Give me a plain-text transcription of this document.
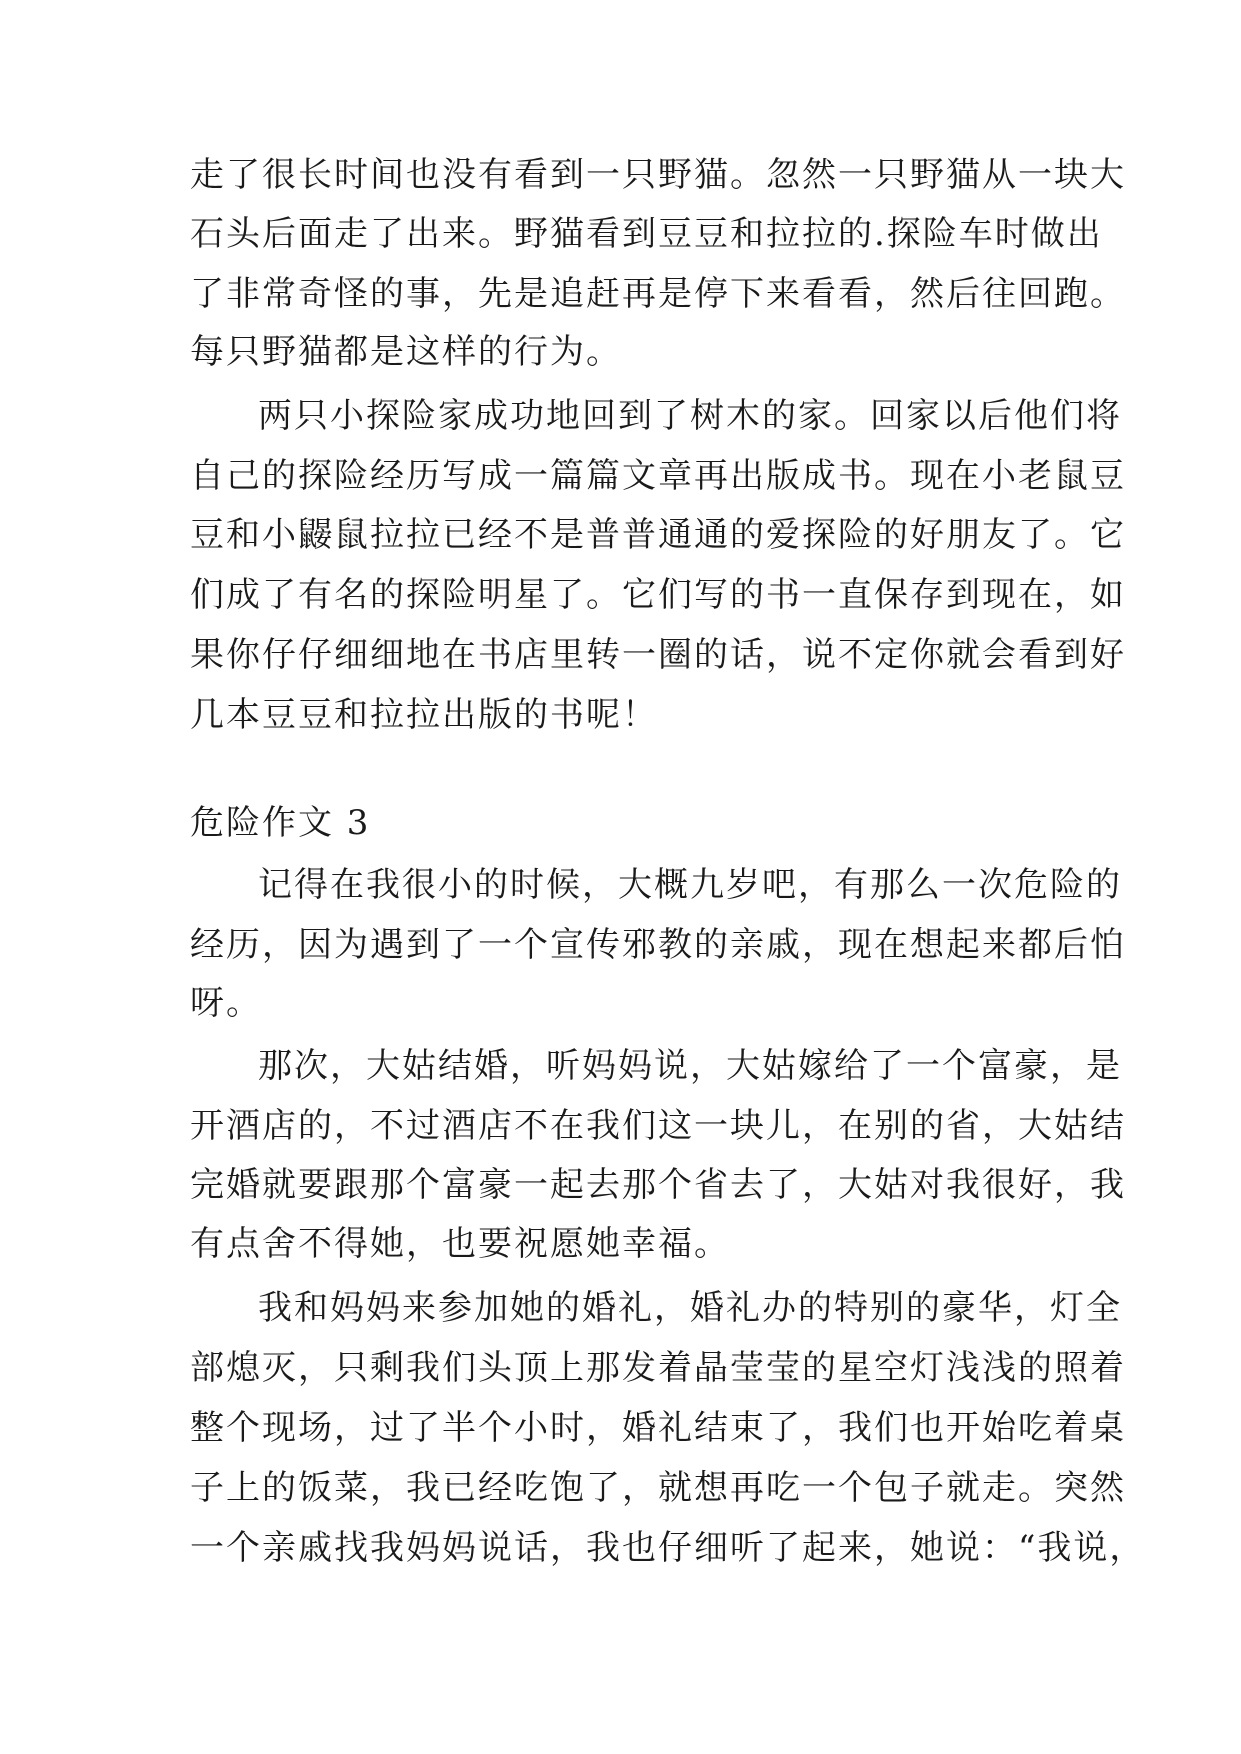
走了很长时间也没有看到一只野猫。忽然一只野猫从一块大
石头后面走了出来。野猫看到豆豆和拉拉的.探险车时做出
了非常奇怪的事，先是追赶再是停下来看看，然后往回跑。
每只野猫都是这样的行为。
两只小探险家成功地回到了树木的家。回家以后他们将
自己的探险经历写成一篇篇文章再出版成书。现在小老鼠豆
豆和小鼹鼠拉拉已经不是普普通通的爱探险的好朋友了。它
们成了有名的探险明星了。它们写的书一直保存到现在，如
果你仔仔细细地在书店里转一圈的话，说不定你就会看到好
几本豆豆和拉拉出版的书呢！
危险作文 3
记得在我很小的时候，大概九岁吧，有那么一次危险的
经历，因为遇到了一个宣传邪教的亲戚，现在想起来都后怕
呀。
那次，大姑结婚，听妈妈说，大姑嫁给了一个富豪，是
开酒店的，不过酒店不在我们这一块儿，在别的省，大姑结
完婚就要跟那个富豪一起去那个省去了，大姑对我很好，我
有点舍不得她，也要祝愿她幸福。
我和妈妈来参加她的婚礼，婚礼办的特别的豪华，灯全
部熄灭，只剩我们头顶上那发着晶莹莹的星空灯浅浅的照着
整个现场，过了半个小时，婚礼结束了，我们也开始吃着桌
子上的饭菜，我已经吃饱了，就想再吃一个包子就走。突然
一个亲戚找我妈妈说话，我也仔细听了起来，她说：“我说，
